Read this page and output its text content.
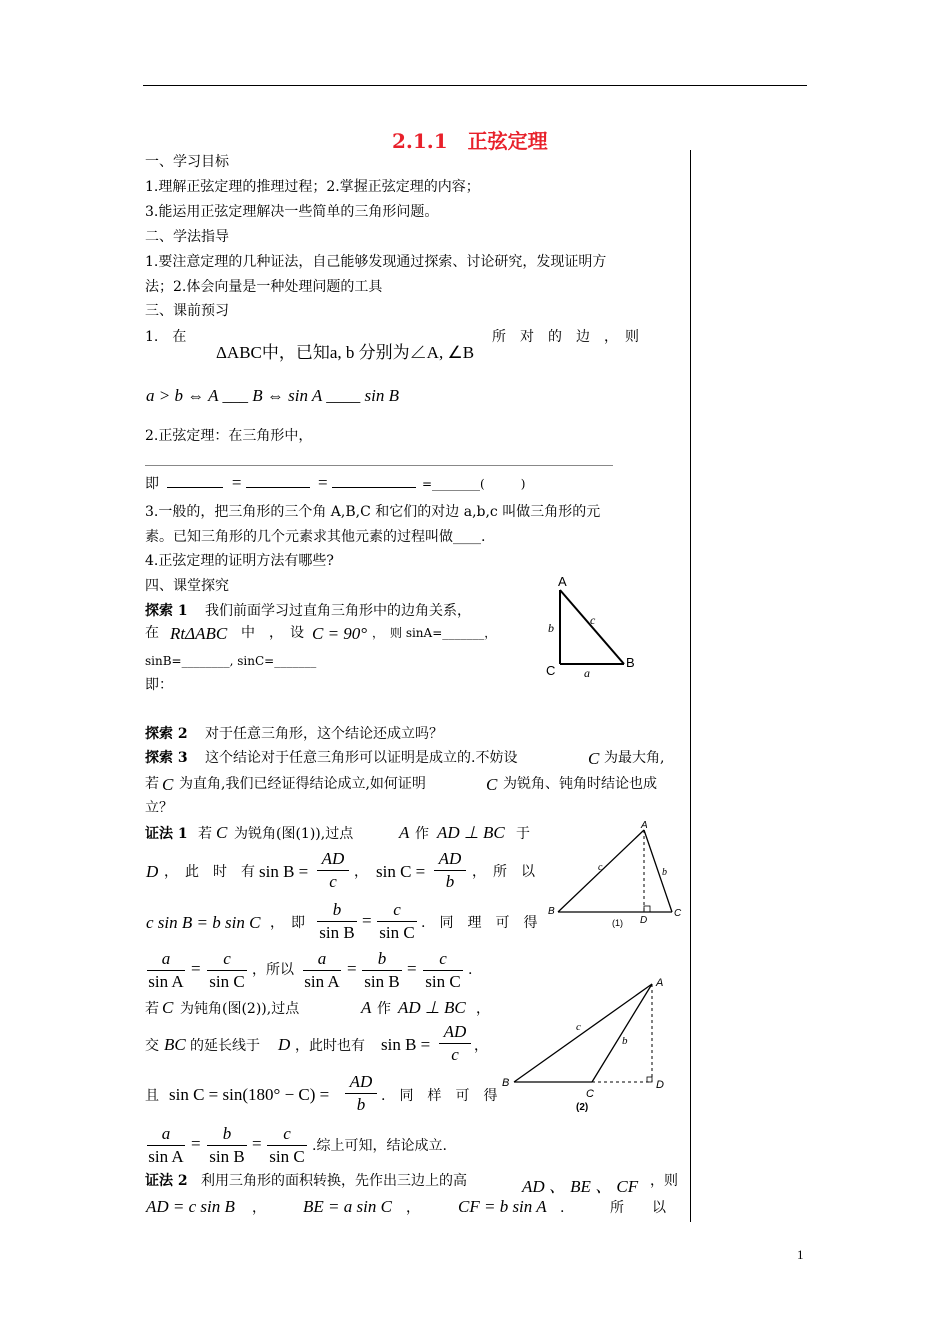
2.1.1　正弦定理
一、学习目标
1.理解正弦定理的推理过程；2.掌握正弦定理的内容；
3.能运用正弦定理解决一些简单的三角形问题。
二、学法指导
1.要注意定理的几种证法，自己能够发现通过探索、讨论研究，发现证明方
法；2.体会向量是一种处理问题的工具
三、课前预习
1.　在
ΔABC中，已知a, b 分别为∠A, ∠B
所　对　的　边　，　则
a > b ⇔ A ___ B ⇔ sin A ____ sin B
2.正弦定理：在三角形中，
即	=	=	=________(　　　)
3.一般的，把三角形的三个角 A,B,C 和它们的对边 a,b,c 叫做三角形的元
素。已知三角形的几个元素求其他元素的过程叫做____.
4.正弦定理的证明方法有哪些?
四、课堂探究
探索 1 我们前面学习过直角三角形中的边角关系，
在 RtΔABC 中　，　设 C = 90° ，　则 sinA=_______，
sinB=________, sinC=_______
即：
A
B
C a
b
c
探索 2 对于任意三角形，这个结论还成立吗？
探索 3 这个结论对于任意三角形可以证明是成立的.不妨设	C 为最大角,
若 C 为直角,我们已经证得结论成立,如何证明	C 为锐角、钝角时结论也成
立？
证法 1 若 C 为锐角(图(1)),过点	A 作 AD ⊥ BC 于
D ，　此　时　有 sin B =
AD
c	， sin C =
AD
b	，　所　以
c sin B = b sin C ，　即
b
sin B
=
c
sin C .　同　理　可　得
a
sin A
=
c
sin C
，所以
a
sin A
=
b
sin B
=
c
sin C
.
A
B	C
D
b
c
(1)
若 C 为钝角(图(2)),过点	A 作 AD ⊥ BC ，
交 BC 的延长线于 D ，此时也有 sin B =
AD
c	，
且 sin C = sin(180° − C) =
AD
b	.　同　样　可　得
a
sin A
=
b
sin B
=
c
sin C
.综上可知，结论成立.
A
B
C
D
b
c
(2)
证法 2 利用三角形的面积转换，先作出三边上的高	AD 、 BE 、 CF ，则
AD = c sin B ， BE = a sin C ， CF = b sin A .	所　　以
1
